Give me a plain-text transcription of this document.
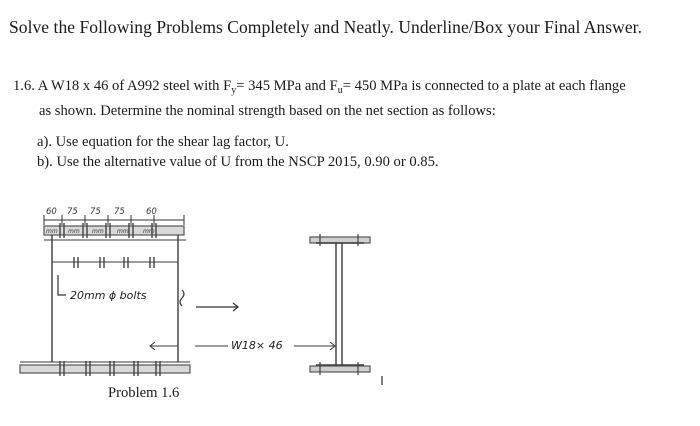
Solve the Following Problems Completely and Neatly. Underline/Box your Final Answer.
1.6. A W18 x 46 of A992 steel with $F_y= 345$ MPa and $F_u= 450$ MPa is connected to a plate at each flange
as shown. Determine the nominal strength based on the net section as follows:
a). Use equation for the shear lag factor, U.
b). Use the alternative value of U from the NSCP 2015, 0.90 or 0.85.
60 75 75 75 60
mm mm mm mm mm
20mm ϕ bolts
W18× 46
Problem 1.6
